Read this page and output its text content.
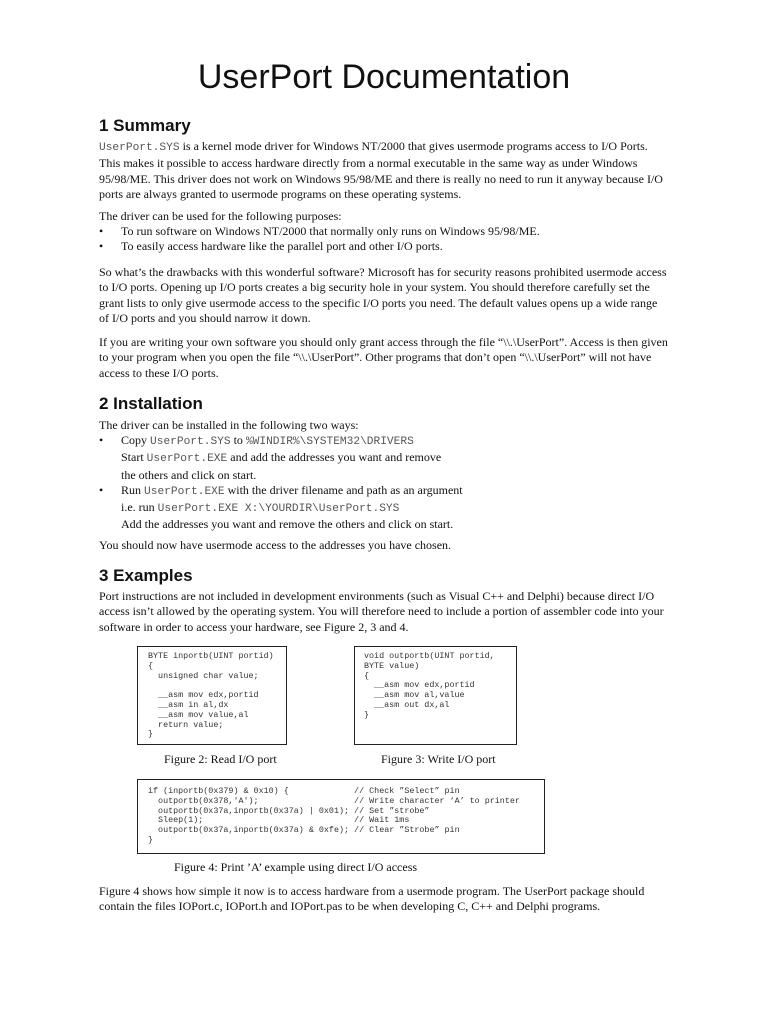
UserPort Documentation
1 Summary

UserPort.SYS is a kernel mode driver for Windows NT/2000 that gives usermode programs access to I/O Ports. This makes it possible to access hardware directly from a normal executable in the same way as under Windows 95/98/ME. This driver does not work on Windows 95/98/ME and there is really no need to run it anyway because I/O ports are always granted to usermode programs on these operating systems.

The driver can be used for the following purposes:

• To run software on Windows NT/2000 that normally only runs on Windows 95/98/ME.
• To easily access hardware like the parallel port and other I/O ports.

So what’s the drawbacks with this wonderful software? Microsoft has for security reasons prohibited usermode access to I/O ports. Opening up I/O ports creates a big security hole in your system. You should therefore carefully set the grant lists to only give usermode access to the specific I/O ports you need. The default values opens up a wide range of I/O ports and you should narrow it down.

If you are writing your own software you should only grant access through the file “\\.\UserPort”. Access is then given to your program when you open the file “\\.\UserPort”. Other programs that don’t open “\\.\UserPort” will not have access to these I/O ports.

2 Installation

The driver can be installed in the following two ways:

• Copy UserPort.SYS to %WINDIR%\SYSTEM32\DRIVERS
Start UserPort.EXE and add the addresses you want and remove
the others and click on start.
• Run UserPort.EXE with the driver filename and path as an argument
i.e. run UserPort.EXE X:\YOURDIR\UserPort.SYS
Add the addresses you want and remove the others and click on start.

You should now have usermode access to the addresses you have chosen.

3 Examples

Port instructions are not included in development environments (such as Visual C++ and Delphi) because direct I/O access isn’t allowed by the operating system. You will therefore need to include a portion of assembler code into your software in order to access your hardware, see Figure 2, 3 and 4.

BYTE inportb(UINT portid)
{
unsigned char value;

__asm mov edx,portid
__asm in al,dx
__asm mov value,al
return value;
}

Figure 2: Read I/O port

void outportb(UINT portid,
BYTE value)
{
__asm mov edx,portid
__asm mov al,value
__asm out dx,al
}

Figure 3: Write I/O port

if (inportb(0x379) & 0x10) {             // Check ”Select” pin
outportb(0x378,'A');                   // Write character ‘A’ to printer
outportb(0x37a,inportb(0x37a) | 0x01); // Set ”strobe”
Sleep(1);                              // Wait 1ms
outportb(0x37a,inportb(0x37a) & 0xfe); // Clear ”Strobe” pin
}

Figure 4: Print ’A’ example using direct I/O access

Figure 4 shows how simple it now is to access hardware from a usermode program. The UserPort package should contain the files IOPort.c, IOPort.h and IOPort.pas to be when developing C, C++ and Delphi programs.
